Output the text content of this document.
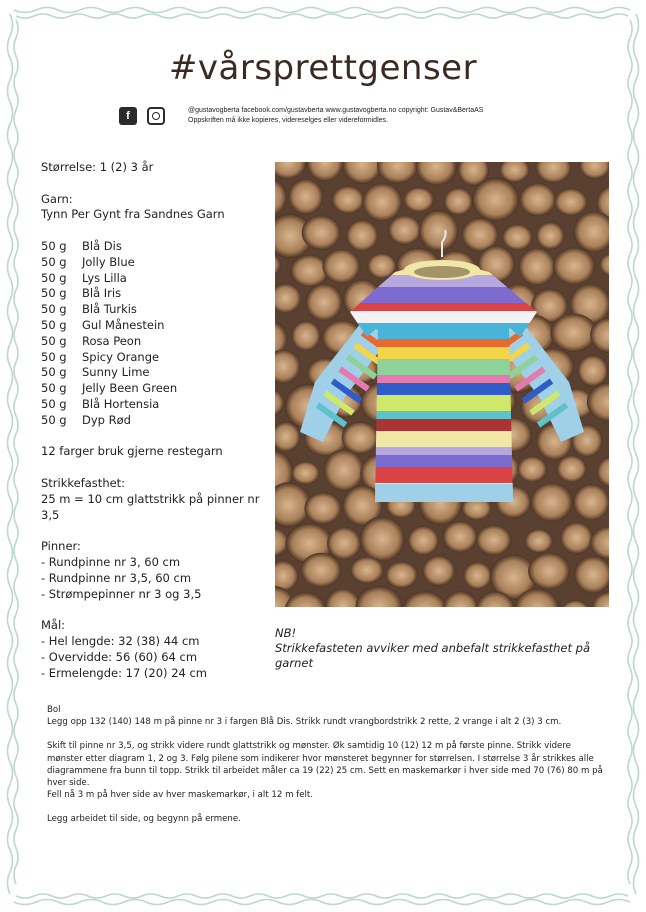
#vårsprettgenser
f	@gustavogberta facebook.com/gustavberta www.gustavogberta.no copyright: Gustav&BertaAS
Oppskriften må ikke kopieres, videreselges eller videreformidles.
Størrelse: 1 (2) 3 år
Garn:
Tynn Per Gynt fra Sandnes Garn
50 g	Blå Dis
50 g	Jolly Blue
50 g	Lys Lilla
50 g	Blå Iris
50 g	Blå Turkis
50 g	Gul Månestein
50 g	Rosa Peon
50 g	Spicy Orange
50 g	Sunny Lime
50 g	Jelly Been Green
50 g	Blå Hortensia
50 g	Dyp Rød
12 farger bruk gjerne restegarn
Strikkefasthet:
25 m = 10 cm glattstrikk på pinner nr 3,5
Pinner:
- Rundpinne nr 3, 60 cm
- Rundpinne nr 3,5, 60 cm
- Strømpepinner nr 3 og 3,5
Mål:
- Hel lengde: 32 (38) 44 cm
- Overvidde: 56 (60) 64 cm
- Ermelengde: 17 (20) 24 cm
NB!
Strikkefasteten avviker med anbefalt strikkefasthet på garnet
Bol

Legg opp 132 (140) 148 m på pinne nr 3 i fargen Blå Dis. Strikk rundt vrangbordstrikk 2 rette, 2 vrange i alt 2 (3) 3 cm.

Skift til pinne nr 3,5, og strikk videre rundt glattstrikk og mønster. Øk samtidig 10 (12) 12 m på første pinne. Strikk videre mønster etter diagram 1, 2 og 3. Følg pilene som indikerer hvor mønsteret begynner for størrelsen. I størrelse 3 år strikkes alle diagrammene fra bunn til topp. Strikk til arbeidet måler ca 19 (22) 25 cm. Sett en maskemarkør i hver side med 70 (76) 80 m på hver side.

Fell nå 3 m på hver side av hver maskemarkør, i alt 12 m felt.

Legg arbeidet til side, og begynn på ermene.
